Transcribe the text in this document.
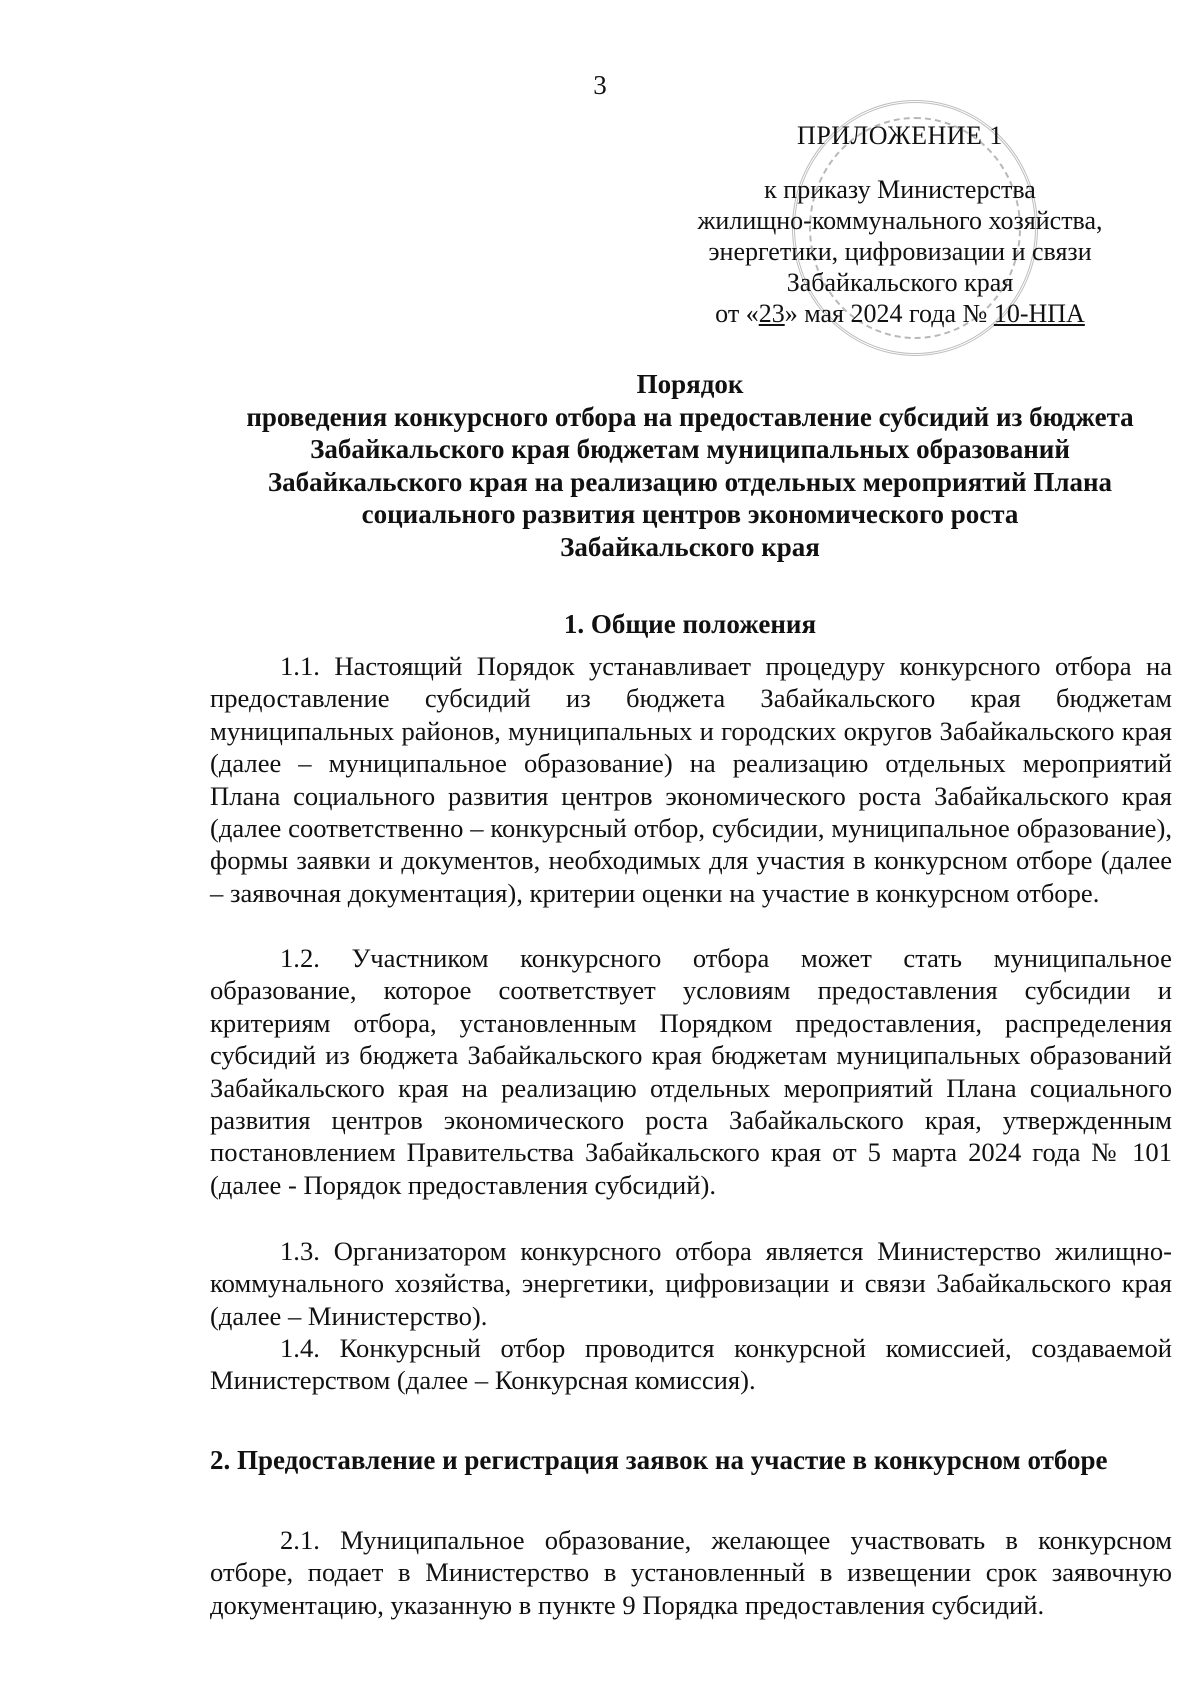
3
ПРИЛОЖЕНИЕ 1
к приказу Министерства
жилищно-коммунального хозяйства,
энергетики, цифровизации и связи
Забайкальского края
от «23» мая 2024 года № 10-НПА
Порядок
проведения конкурсного отбора на предоставление субсидий из бюджета
Забайкальского края бюджетам муниципальных образований
Забайкальского края на реализацию отдельных мероприятий Плана
социального развития центров экономического роста
Забайкальского края
1. Общие положения
1.1. Настоящий Порядок устанавливает процедуру конкурсного отбора на предоставление субсидий из бюджета Забайкальского края бюджетам муниципальных районов, муниципальных и городских округов Забайкальского края (далее – муниципальное образование) на реализацию отдельных мероприятий Плана социального развития центров экономического роста Забайкальского края (далее соответственно – конкурсный отбор, субсидии, муниципальное образование), формы заявки и документов, необходимых для участия в конкурсном отборе (далее – заявочная документация), критерии оценки на участие в конкурсном отборе.
1.2. Участником конкурсного отбора может стать муниципальное образование, которое соответствует условиям предоставления субсидии и критериям отбора, установленным Порядком предоставления, распределения субсидий из бюджета Забайкальского края бюджетам муниципальных образований Забайкальского края на реализацию отдельных мероприятий Плана социального развития центров экономического роста Забайкальского края, утвержденным постановлением Правительства Забайкальского края от 5 марта 2024 года № 101 (далее - Порядок предоставления субсидий).
1.3. Организатором конкурсного отбора является Министерство жилищно-коммунального хозяйства, энергетики, цифровизации и связи Забайкальского края (далее – Министерство).
1.4. Конкурсный отбор проводится конкурсной комиссией, создаваемой Министерством (далее – Конкурсная комиссия).
2. Предоставление и регистрация заявок на участие в конкурсном отборе
2.1. Муниципальное образование, желающее участвовать в конкурсном отборе, подает в Министерство в установленный в извещении срок заявочную документацию, указанную в пункте 9 Порядка предоставления субсидий.
